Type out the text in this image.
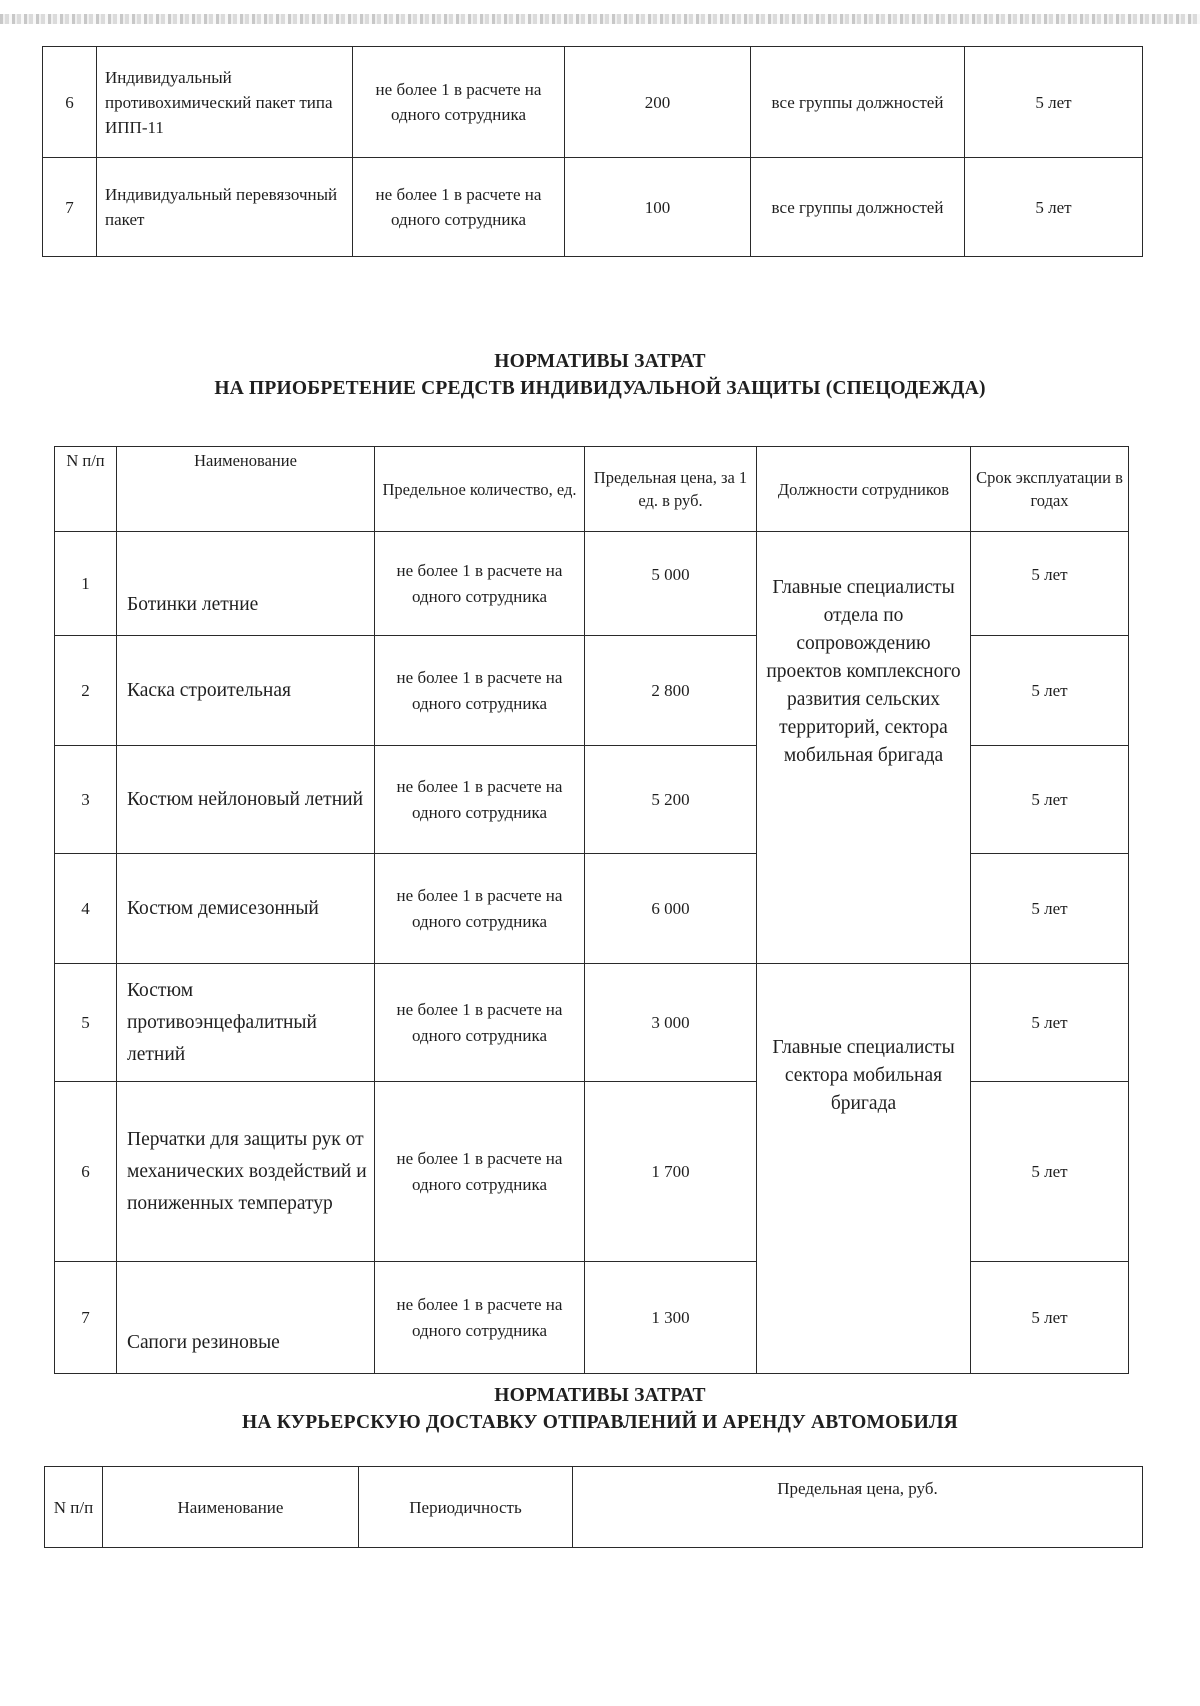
6	Индивидуальный противохимический пакет типа ИПП-11	не более 1 в расчете на одного сотрудника	200	все группы должностей	5 лет
7	Индивидуальный перевязочный пакет	не более 1 в расчете на одного сотрудника	100	все группы должностей	5 лет
НОРМАТИВЫ ЗАТРАТ
НА ПРИОБРЕТЕНИЕ СРЕДСТВ ИНДИВИДУАЛЬНОЙ ЗАЩИТЫ (СПЕЦОДЕЖДА)
N п/п	Наименование	Предельное количество, ед.	Предельная цена, за 1 ед. в руб.	Должности сотрудников	Срок эксплуатации в годах
1	Ботинки летние	не более 1 в расчете на одного сотрудника	5 000	Главные специалисты отдела по сопровождению проектов комплексного развития сельских территорий, сектора мобильная бригада	5 лет
2	Каска строительная	не более 1 в расчете на одного сотрудника	2 800		5 лет
3	Костюм нейлоновый летний	не более 1 в расчете на одного сотрудника	5 200		5 лет
4	Костюм демисезонный	не более 1 в расчете на одного сотрудника	6 000		5 лет
5	Костюм противоэнцефалитный летний	не более 1 в расчете на одного сотрудника	3 000	Главные специалисты сектора мобильная бригада	5 лет
6	Перчатки для защиты рук от механических воздействий и пониженных температур	не более 1 в расчете на одного сотрудника	1 700		5 лет
7	Сапоги резиновые	не более 1 в расчете на одного сотрудника	1 300		5 лет
НОРМАТИВЫ ЗАТРАТ
НА КУРЬЕРСКУЮ ДОСТАВКУ ОТПРАВЛЕНИЙ И АРЕНДУ АВТОМОБИЛЯ
N п/п	Наименование	Периодичность	Предельная цена, руб.
